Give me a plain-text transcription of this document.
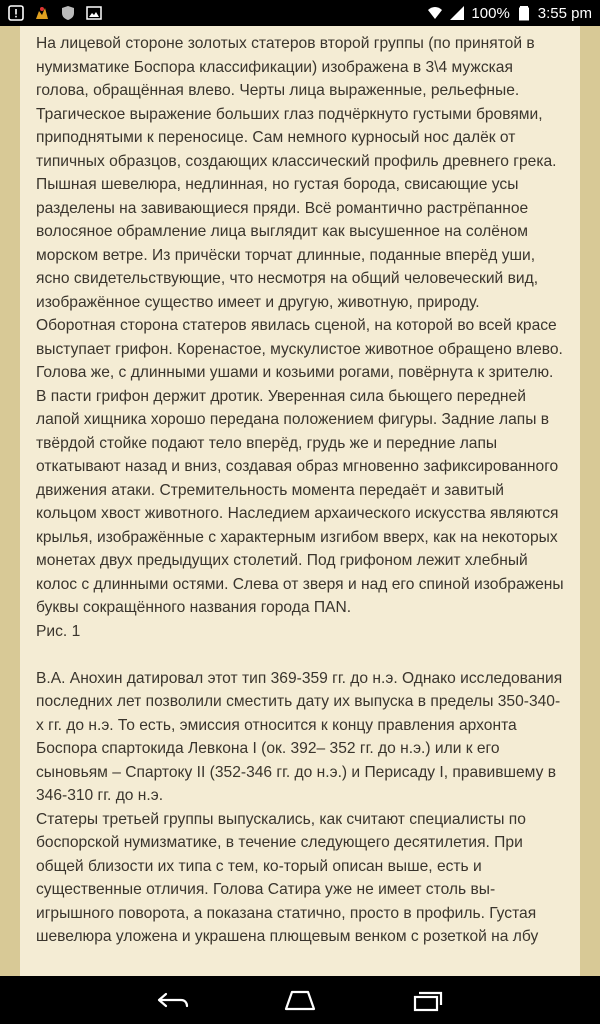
100% 3:55 pm

На лицевой стороне золотых статеров второй группы (по принятой в нумизматике Боспора классификации) изображена в 3\4 мужская голова, обращённая влево. Черты лица выраженные, рельефные. Трагическое выражение больших глаз подчёркнуто густыми бровями, приподнятыми к переносице. Сам немного курносый нос далёк от типичных образцов, создающих классический профиль древнего грека. Пышная шевелюра, недлинная, но густая борода, свисающие усы разделены на завивающиеся пряди. Всё романтично растрёпанное волосяное обрамление лица выглядит как высушенное на солёном морском ветре. Из причёски торчат длинные, поданные вперёд уши, ясно свидетельствующие, что несмотря на общий человеческий вид, изображённое существо имеет и другую, животную, природу.

Оборотная сторона статеров явилась сценой, на которой во всей красе выступает грифон. Коренастое, мускулистое животное обращено влево. Голова же, с длинными ушами и козьими рогами, повёрнута к зрителю. В пасти грифон держит дротик. Уверенная сила бьющего передней лапой хищника хорошо передана положением фигуры. Задние лапы в твёрдой стойке подают тело вперёд, грудь же и передние лапы откатывают назад и вниз, создавая образ мгновенно зафиксированного движения атаки. Стремительность момента передаёт и завитый кольцом хвост животного. Наследием архаического искусства являются крылья, изображённые с характерным изгибом вверх, как на некоторых монетах двух предыдущих столетий. Под грифоном лежит хлебный колос с длинными остями. Слева от зверя и над его спиной изображены буквы сокращённого названия города ПАN.

Рис. 1

В.А. Анохин датировал этот тип 369-359 гг. до н.э. Однако исследования последних лет позволили сместить дату их выпуска в пределы 350-340-х гг. до н.э. То есть, эмиссия относится к концу правления архонта Боспора спартокида Левкона I (ок. 392– 352 гг. до н.э.) или к его сыновьям – Спартоку II (352-346 гг. до н.э.) и Перисаду I, правившему в 346-310 гг. до н.э.

Статеры третьей группы выпускались, как считают специалисты по боспорской нумизматике, в течение следующего десятилетия. При общей близости их типа с тем, ко-торый описан выше, есть и существенные отличия. Голова Сатира уже не имеет столь вы-игрышного поворота, а показана статично, просто в профиль. Густая шевелюра уложена и украшена плющевым венком с розеткой на лбу
